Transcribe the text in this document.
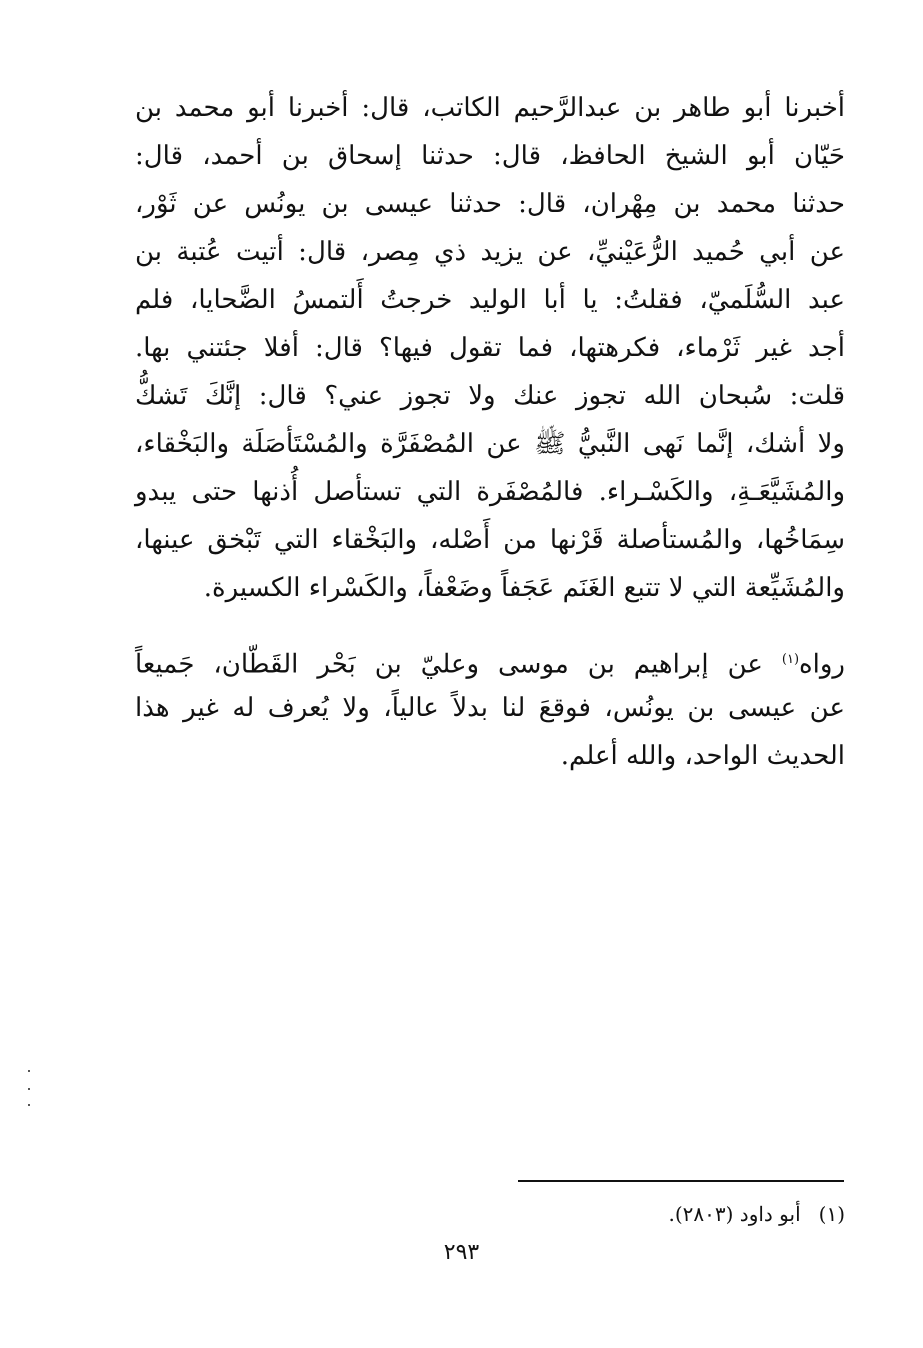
أخبرنا أبو طاهر بن عبدالرَّحيم الكاتب، قال: أخبرنا أبو محمد بن
حَيّان أبو الشيخ الحافظ، قال: حدثنا إسحاق بن أحمد، قال:
حدثنا محمد بن مِهْران، قال: حدثنا عيسى بن يونُس عن ثَوْر،
عن أبي حُميد الرُّعَيْنيِّ، عن يزيد ذي مِصر، قال: أتيت عُتبة بن
عبد السُّلَميّ، فقلتُ: يا أبا الوليد خرجتُ أَلتمسُ الضَّحايا، فلم
أجد غير ثَرْماء، فكرهتها، فما تقول فيها؟ قال: أفلا جئتني بها.
قلت: سُبحان الله تجوز عنك ولا تجوز عني؟ قال: إنَّكَ تَشكُّ
ولا أشك، إنَّما نَهى النَّبيُّ ﷺ عن المُصْفَرَّة والمُسْتَأصَلَة والبَخْقاء،
والمُشَيَّعَـةِ، والكَسْـراء. فالمُصْفَرة التي تستأصل أُذنها حتى يبدو
سِمَاخُها، والمُستأصلة قَرْنها من أَصْله، والبَخْقاء التي تَبْخق عينها،
والمُشَيِّعة التي لا تتبع الغَنَم عَجَفاً وضَعْفاً، والكَسْراء الكسيرة.
رواه$^{(١)}$ عن إبراهيم بن موسى وعليّ بن بَحْر القَطّان، جَميعاً
عن عيسى بن يونُس، فوقعَ لنا بدلاً عالياً، ولا يُعرف له غير هذا
الحديث الواحد، والله أعلم.
(١)أبو داود (٢٨٠٣).
٢٩٣
